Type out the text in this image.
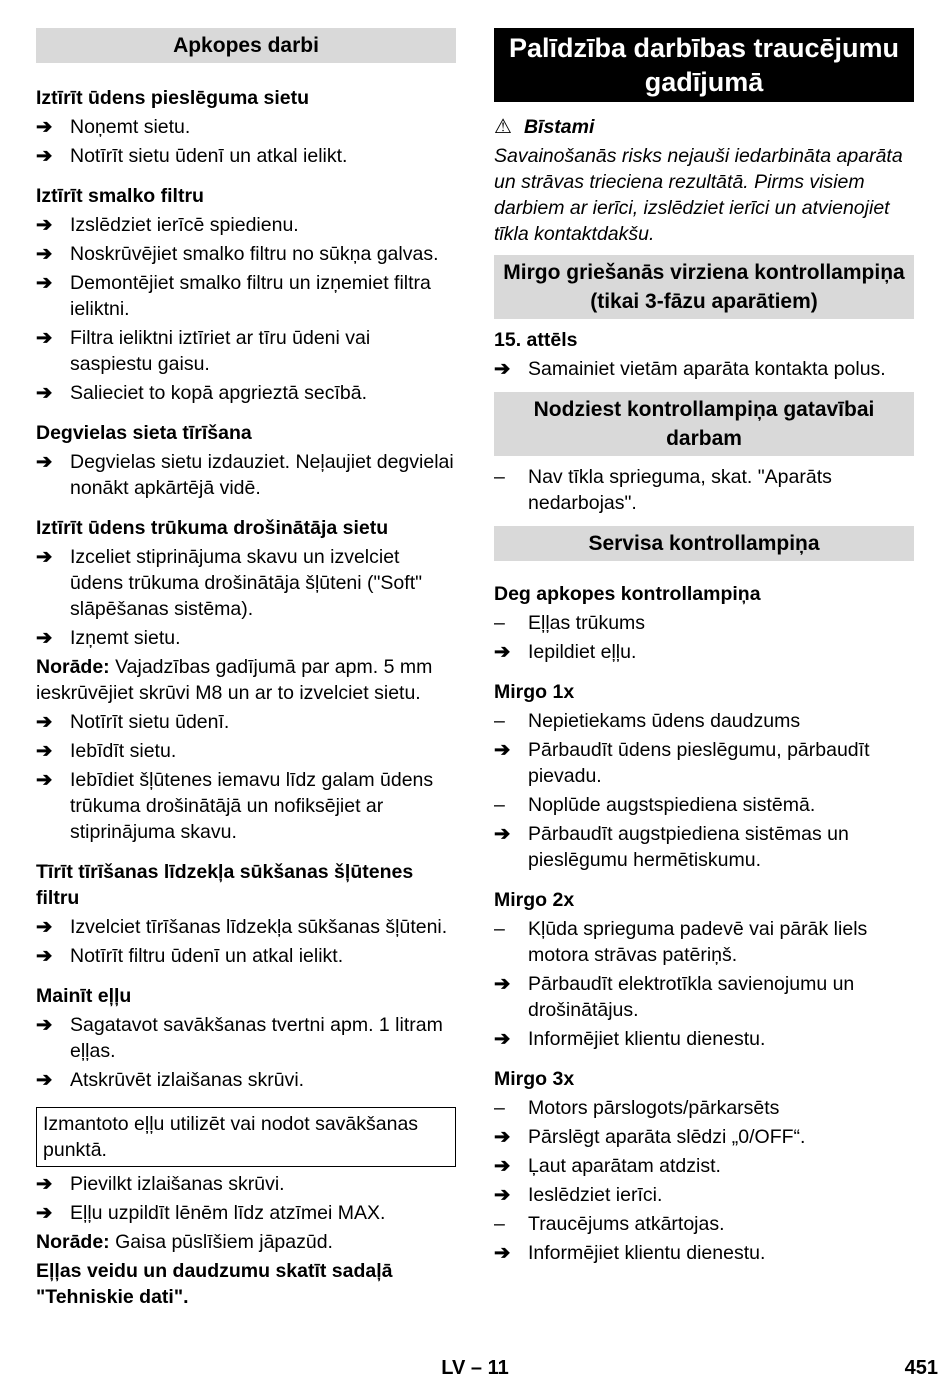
Apkopes darbi
Iztīrīt ūdens pieslēguma sietu
➔ Noņemt sietu.
➔ Notīrīt sietu ūdenī un atkal ielikt.
Iztīrīt smalko filtru
➔ Izslēdziet ierīcē spiedienu.
➔ Noskrūvējiet smalko filtru no sūkņa galvas.
➔ Demontējiet smalko filtru un izņemiet filtra ieliktni.
➔ Filtra ieliktni iztīriet ar tīru ūdeni vai saspiestu gaisu.
➔ Salieciet to kopā apgrieztā secībā.
Degvielas sieta tīrīšana
➔ Degvielas sietu izdauziet. Neļaujiet degvielai nonākt apkārtējā vidē.
Iztīrīt ūdens trūkuma drošinātāja sietu
➔ Izceliet stiprinājuma skavu un izvelciet ūdens trūkuma drošinātāja šļūteni ("Soft" slāpēšanas sistēma).
➔ Izņemt sietu.
Norāde: Vajadzības gadījumā par apm. 5 mm ieskrūvējiet skrūvi M8 un ar to izvelciet sietu.
➔ Notīrīt sietu ūdenī.
➔ Iebīdīt sietu.
➔ Iebīdiet šļūtenes iemavu līdz galam ūdens trūkuma drošinātājā un nofiksējiet ar stiprinājuma skavu.
Tīrīt tīrīšanas līdzekļa sūkšanas šļūtenes filtru
➔ Izvelciet tīrīšanas līdzekļa sūkšanas šļūteni.
➔ Notīrīt filtru ūdenī un atkal ielikt.
Mainīt eļļu
➔ Sagatavot savākšanas tvertni apm. 1 litram eļļas.
➔ Atskrūvēt izlaišanas skrūvi.
Izmantoto eļļu utilizēt vai nodot savākšanas punktā.
➔ Pievilkt izlaišanas skrūvi.
➔ Eļļu uzpildīt lēnēm līdz atzīmei MAX.
Norāde: Gaisa pūslīšiem jāpazūd.
Eļļas veidu un daudzumu skatīt sadaļā "Tehniskie dati".
Palīdzība darbības traucējumu gadījumā
⚠ Bīstami
Savainošanās risks nejauši iedarbināta aparāta un strāvas trieciena rezultātā. Pirms visiem darbiem ar ierīci, izslēdziet ierīci un atvienojiet tīkla kontaktdakšu.
Mirgo griešanās virziena kontrollampiņa (tikai 3-fāzu aparātiem)
15. attēls
➔ Samainiet vietām aparāta kontakta polus.
Nodziest kontrollampiņa gatavībai darbam
–	Nav tīkla sprieguma, skat. "Aparāts nedarbojas".
Servisa kontrollampiņa
Deg apkopes kontrollampiņa
–	Eļļas trūkums
➔ Iepildiet eļļu.
Mirgo 1x
–	Nepietiekams ūdens daudzums
➔ Pārbaudīt ūdens pieslēgumu, pārbaudīt pievadu.
–	Noplūde augstspiediena sistēmā.
➔ Pārbaudīt augstpiediena sistēmas un pieslēgumu hermētiskumu.
Mirgo 2x
–	Kļūda sprieguma padevē vai pārāk liels motora strāvas patēriņš.
➔ Pārbaudīt elektrotīkla savienojumu un drošinātājus.
➔ Informējiet klientu dienestu.
Mirgo 3x
–	Motors pārslogots/pārkarsēts
➔ Pārslēgt aparāta slēdzi „0/OFF“.
➔ Ļaut aparātam atdzist.
➔ Ieslēdziet ierīci.
–	Traucējums atkārtojas.
➔ Informējiet klientu dienestu.
LV – 11	451
